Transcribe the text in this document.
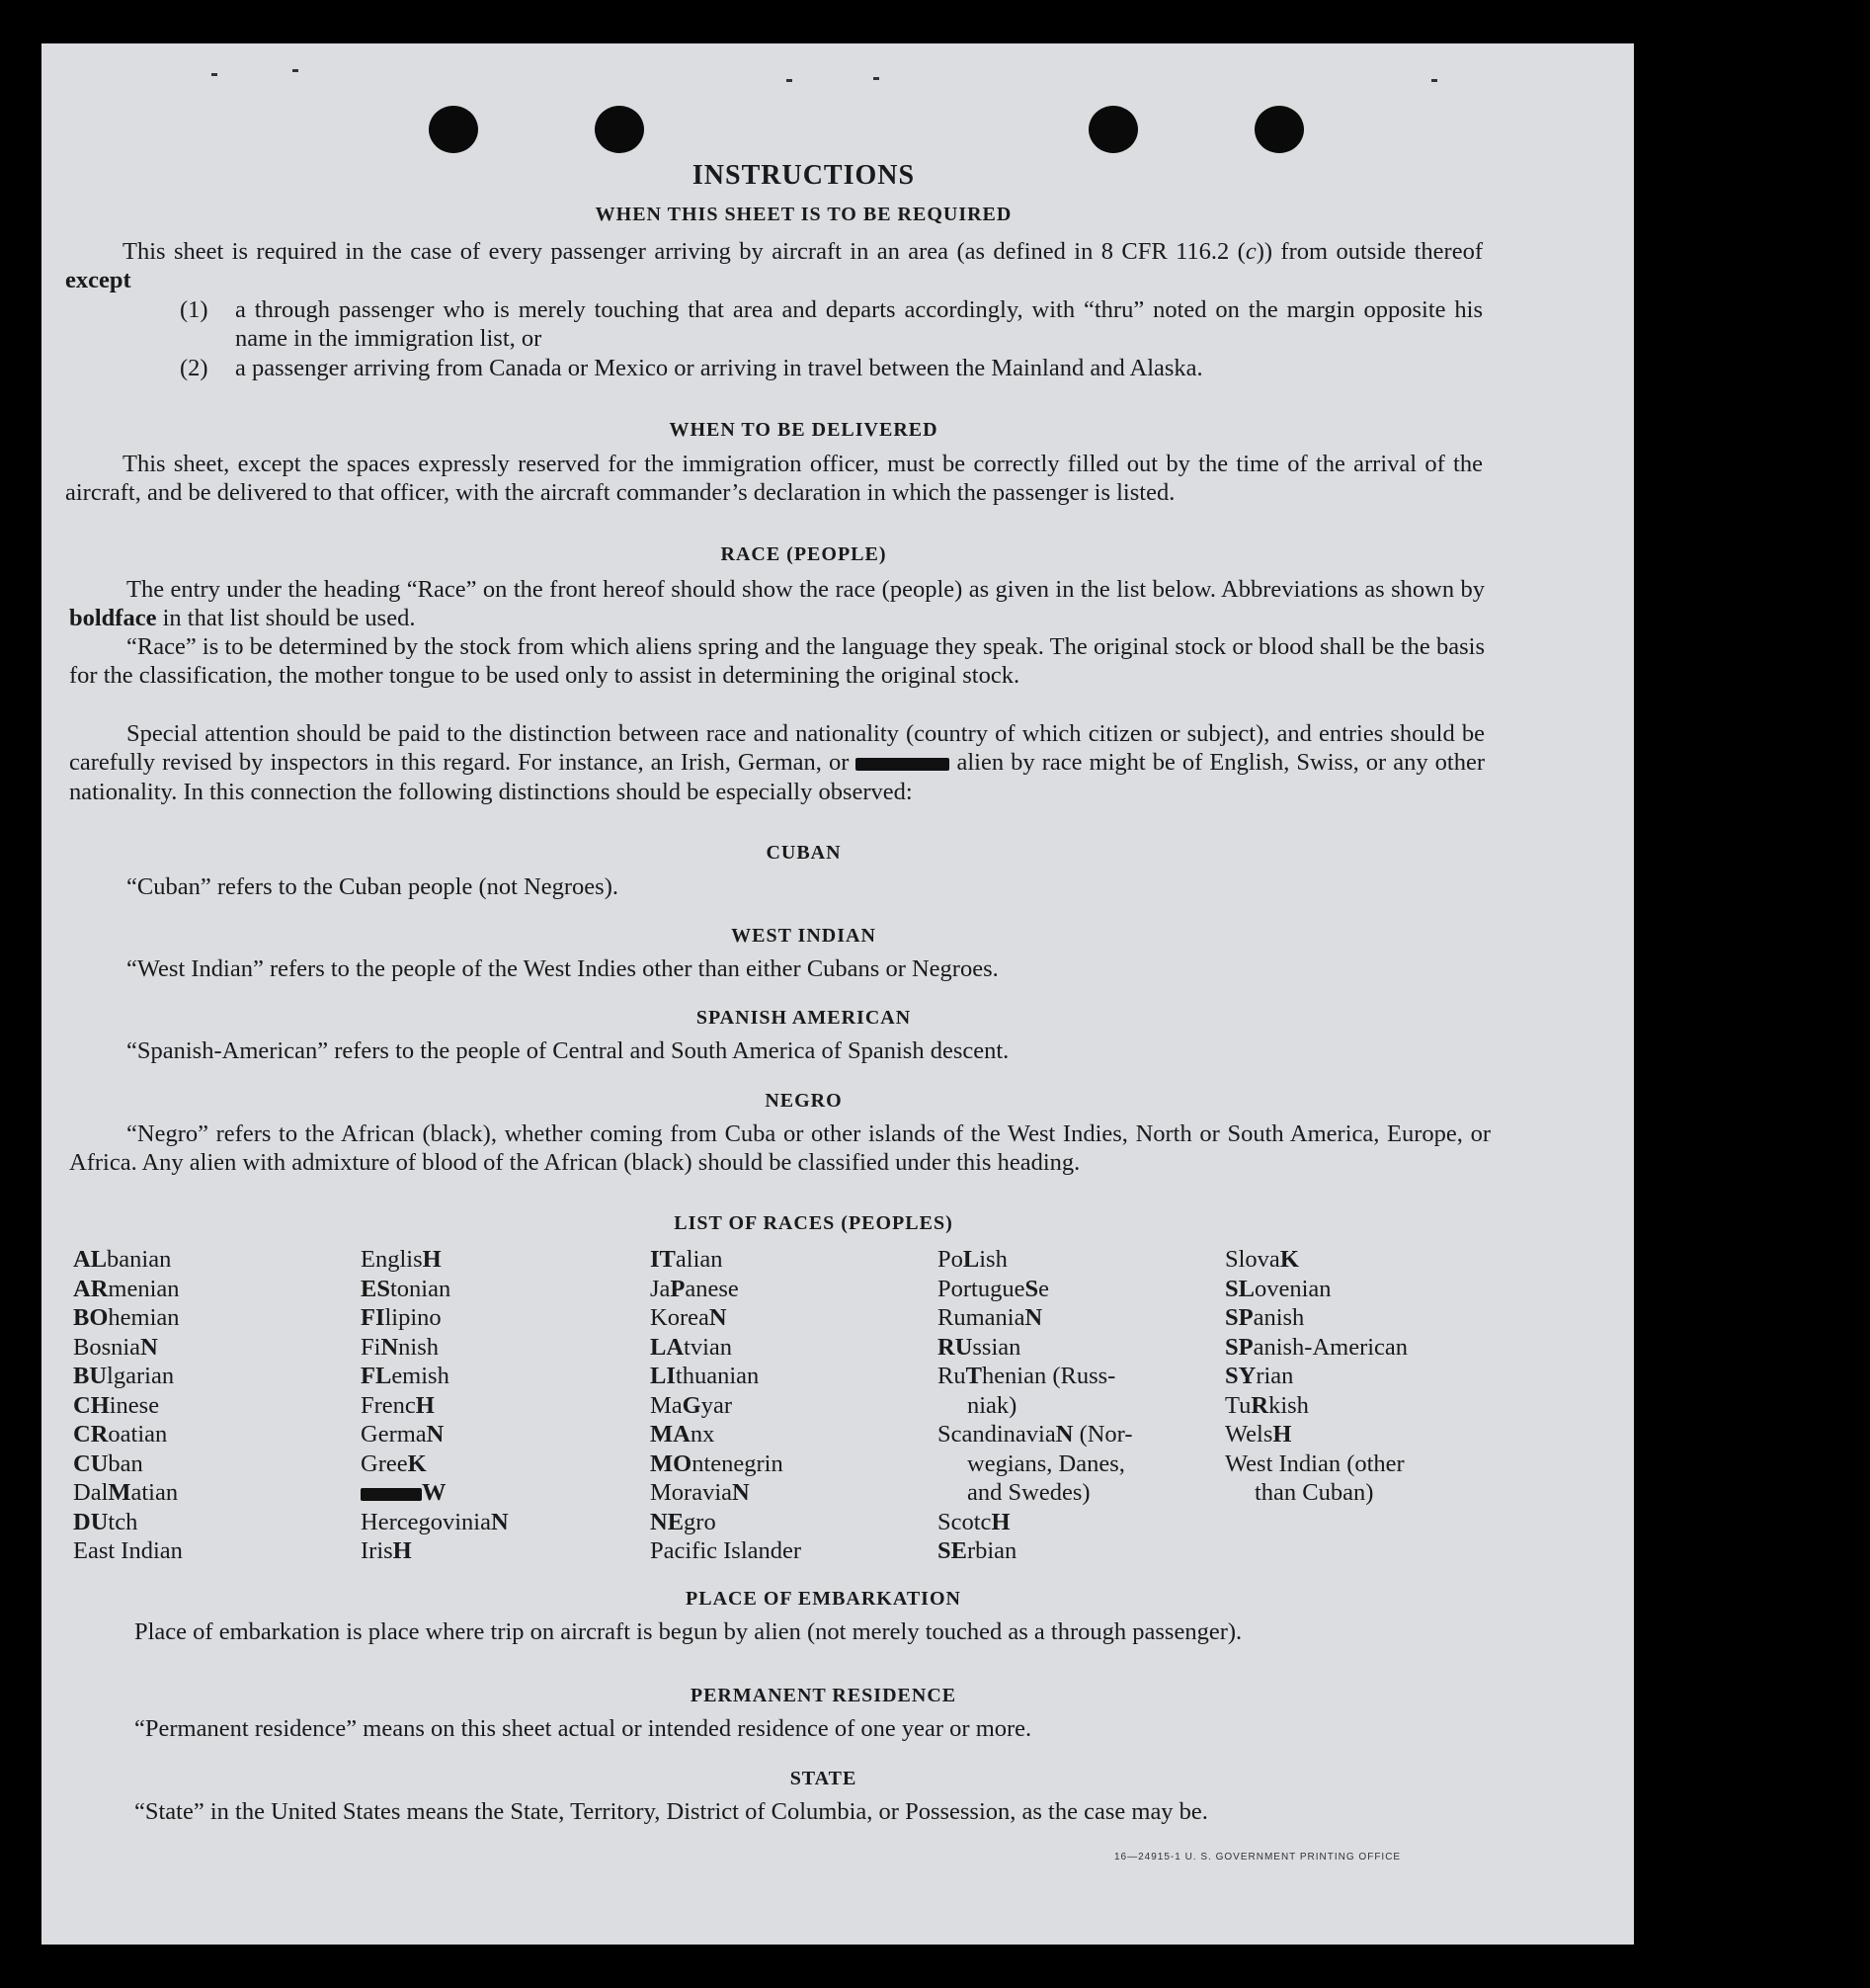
INSTRUCTIONS
WHEN THIS SHEET IS TO BE REQUIRED

This sheet is required in the case of every passenger arriving by aircraft in an area (as defined in 8 CFR 116.2 (c)) from outside thereof except

(1) a through passenger who is merely touching that area and departs accordingly, with “thru” noted on the margin opposite his name in the immigration list, or
(2) a passenger arriving from Canada or Mexico or arriving in travel between the Mainland and Alaska.
WHEN TO BE DELIVERED

This sheet, except the spaces expressly reserved for the immigration officer, must be correctly filled out by the time of the arrival of the aircraft, and be delivered to that officer, with the aircraft commander’s declaration in which the passenger is listed.

RACE (PEOPLE)

The entry under the heading “Race” on the front hereof should show the race (people) as given in the list below. Abbreviations as shown by boldface in that list should be used.

“Race” is to be determined by the stock from which aliens spring and the language they speak. The original stock or blood shall be the basis for the classification, the mother tongue to be used only to assist in determining the original stock.

Special attention should be paid to the distinction between race and nationality (country of which citizen or subject), and entries should be carefully revised by inspectors in this regard. For instance, an Irish, German, or	alien by race might be of English, Swiss, or any other nationality. In this connection the following distinctions should be especially observed:

CUBAN

“Cuban” refers to the Cuban people (not Negroes).

WEST INDIAN

“West Indian” refers to the people of the West Indies other than either Cubans or Negroes.

SPANISH AMERICAN

“Spanish-American” refers to the people of Central and South America of Spanish descent.

NEGRO

“Negro” refers to the African (black), whether coming from Cuba or other islands of the West Indies, North or South America, Europe, or Africa. Any alien with admixture of blood of the African (black) should be classified under this heading.

LIST OF RACES (PEOPLES)
ALbanian
ARmenian
BOhemian
BosniaN
BUlgarian
CHinese
CRoatian
CUban
DalMatian
DUtch
East Indian
EnglisH
EStonian
FIlipino
FiNnish
FLemish
FrencH
GermaN
GreeK
W
HercegoviniaN
IrisH
ITalian
JaPanese
KoreaN
LAtvian
LIthuanian
MaGyar
MAnx
MOntenegrin
MoraviaN
NEgro
Pacific Islander
PoLish
PortugueSe
RumaniaN
RUssian
RuThenian (Russ-
niak)
ScandinaviaN (Nor-
wegians, Danes,
and Swedes)
ScotcH
SErbian
SlovaK
SLovenian
SPanish
SPanish-American
SYrian
TuRkish
WelsH
West Indian (other
than Cuban)
PLACE OF EMBARKATION

Place of embarkation is place where trip on aircraft is begun by alien (not merely touched as a through passenger).

PERMANENT RESIDENCE

“Permanent residence” means on this sheet actual or intended residence of one year or more.

STATE

“State” in the United States means the State, Territory, District of Columbia, or Possession, as the case may be.

16—24915-1 U. S. GOVERNMENT PRINTING OFFICE
